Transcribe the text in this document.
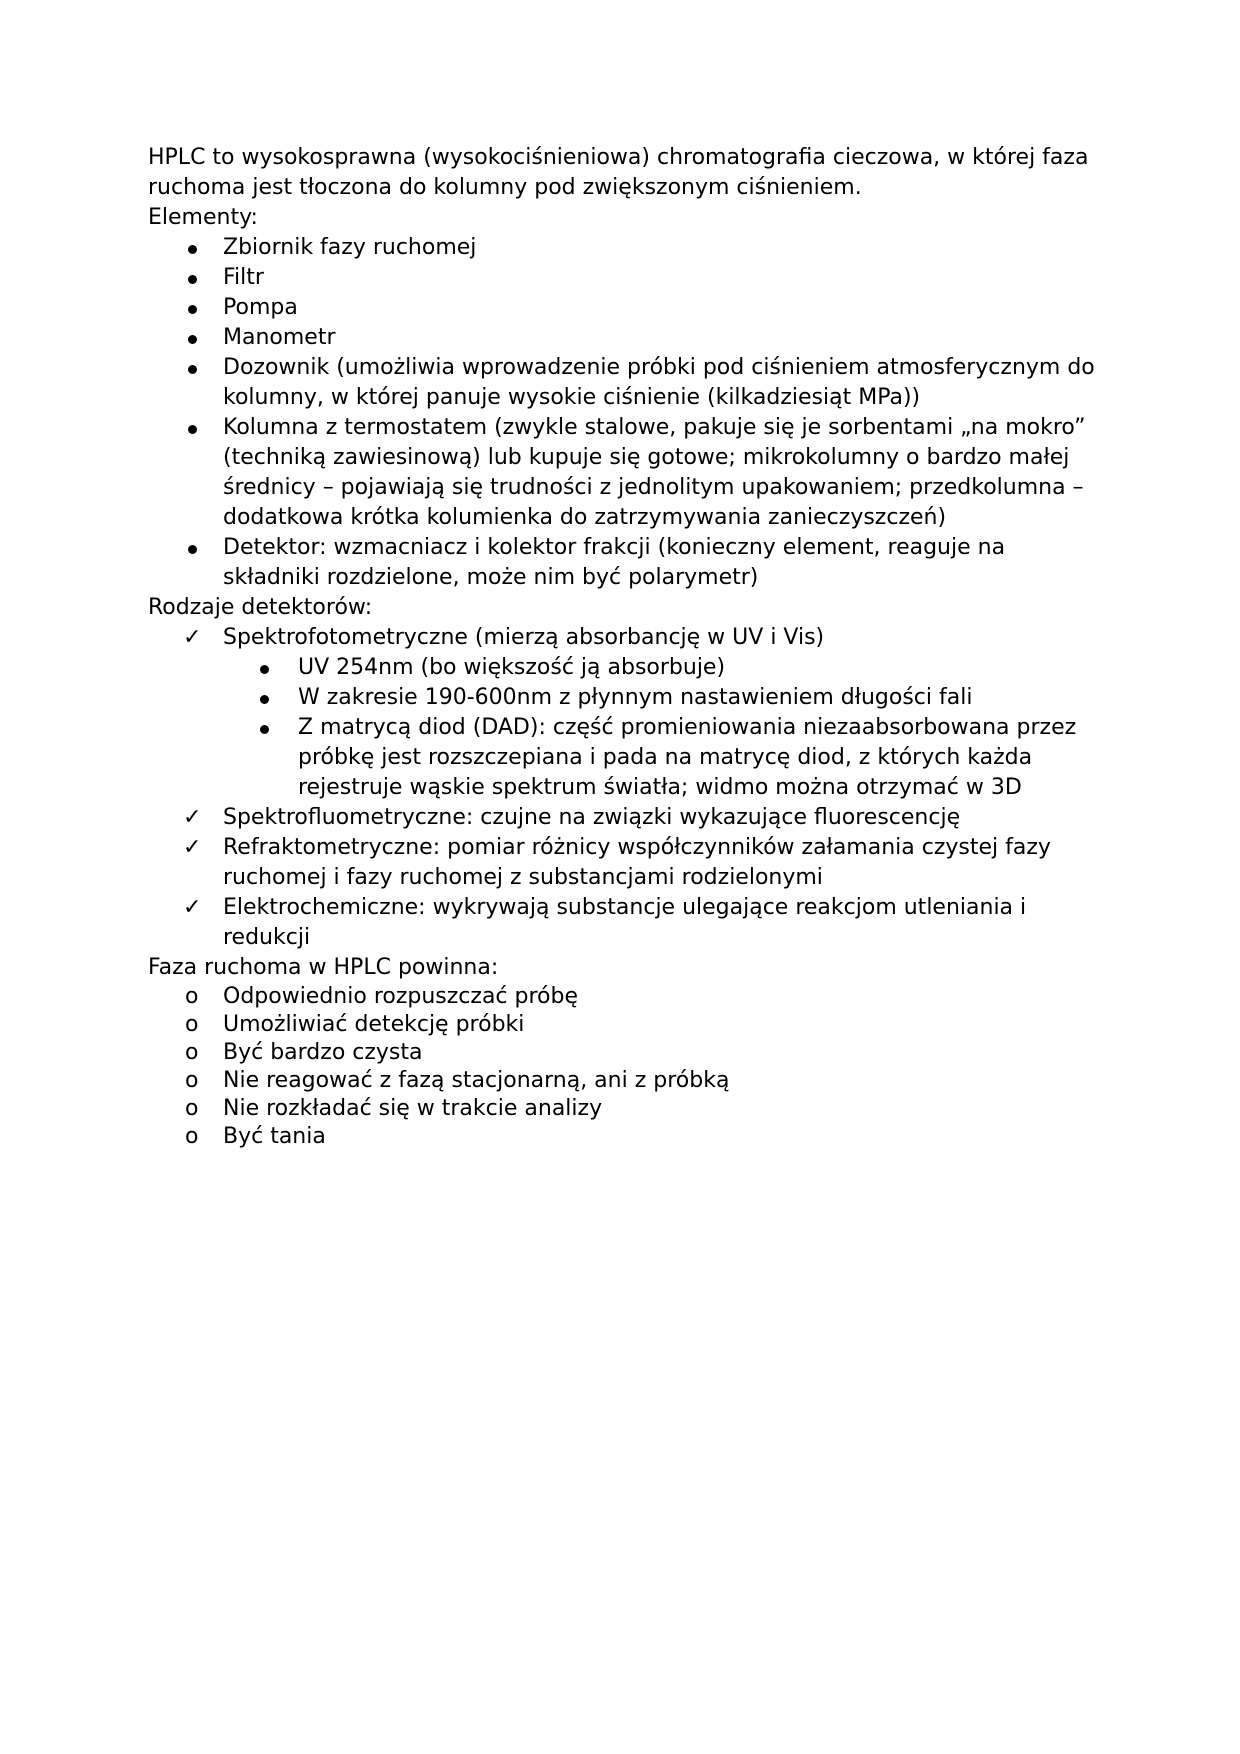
HPLC to wysokosprawna (wysokociśnieniowa) chromatografia cieczowa, w której faza ruchoma jest tłoczona do kolumny pod zwiększonym ciśnieniem.

Elementy:

Zbiornik fazy ruchomej
Filtr
Pompa
Manometr
Dozownik (umożliwia wprowadzenie próbki pod ciśnieniem atmosferycznym do kolumny, w której panuje wysokie ciśnienie (kilkadziesiąt MPa))
Kolumna z termostatem (zwykle stalowe, pakuje się je sorbentami „na mokro” (techniką zawiesinową) lub kupuje się gotowe; mikrokolumny o bardzo małej średnicy – pojawiają się trudności z jednolitym upakowaniem; przedkolumna – dodatkowa krótka kolumienka do zatrzymywania zanieczyszczeń)
Detektor: wzmacniacz i kolektor frakcji (konieczny element, reaguje na składniki rozdzielone, może nim być polarymetr)

Rodzaje detektorów:

✓ Spektrofotometryczne (mierzą absorbancję w UV i Vis)
UV 254nm (bo większość ją absorbuje)
W zakresie 190-600nm z płynnym nastawieniem długości fali
Z matrycą diod (DAD): część promieniowania niezaabsorbowana przez próbkę jest rozszczepiana i pada na matrycę diod, z których każda rejestruje wąskie spektrum światła; widmo można otrzymać w 3D
✓ Spektrofluometryczne: czujne na związki wykazujące fluorescencję
✓ Refraktometryczne: pomiar różnicy współczynników załamania czystej fazy ruchomej i fazy ruchomej z substancjami rodzielonymi
✓ Elektrochemiczne: wykrywają substancje ulegające reakcjom utleniania i redukcji

Faza ruchoma w HPLC powinna:

o Odpowiednio rozpuszczać próbę
o Umożliwiać detekcję próbki
o Być bardzo czysta
o Nie reagować z fazą stacjonarną, ani z próbką
o Nie rozkładać się w trakcie analizy
o Być tania
